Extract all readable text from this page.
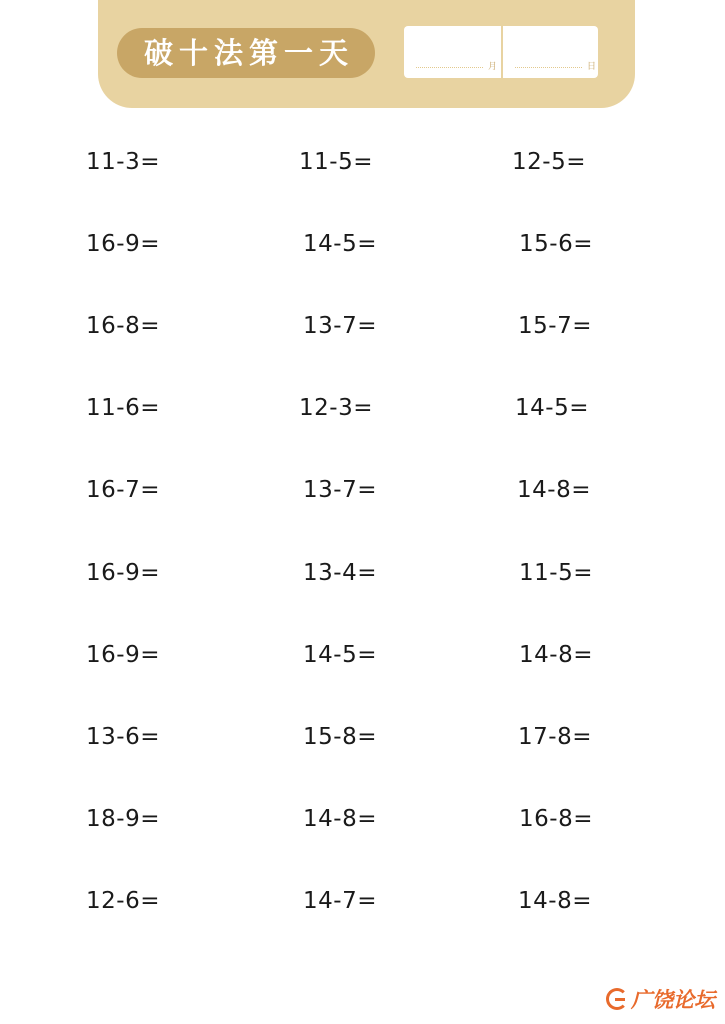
破十法第一天	月	日
11-3=	11-5=	12-5=
16-9=	14-5=	15-6=
16-8=	13-7=	15-7=
11-6=	12-3=	14-5=
16-7=	13-7=	14-8=
16-9=	13-4=	11-5=
16-9=	14-5=	14-8=
13-6=	15-8=	17-8=
18-9=	14-8=	16-8=
12-6=	14-7=	14-8=
广饶论坛
